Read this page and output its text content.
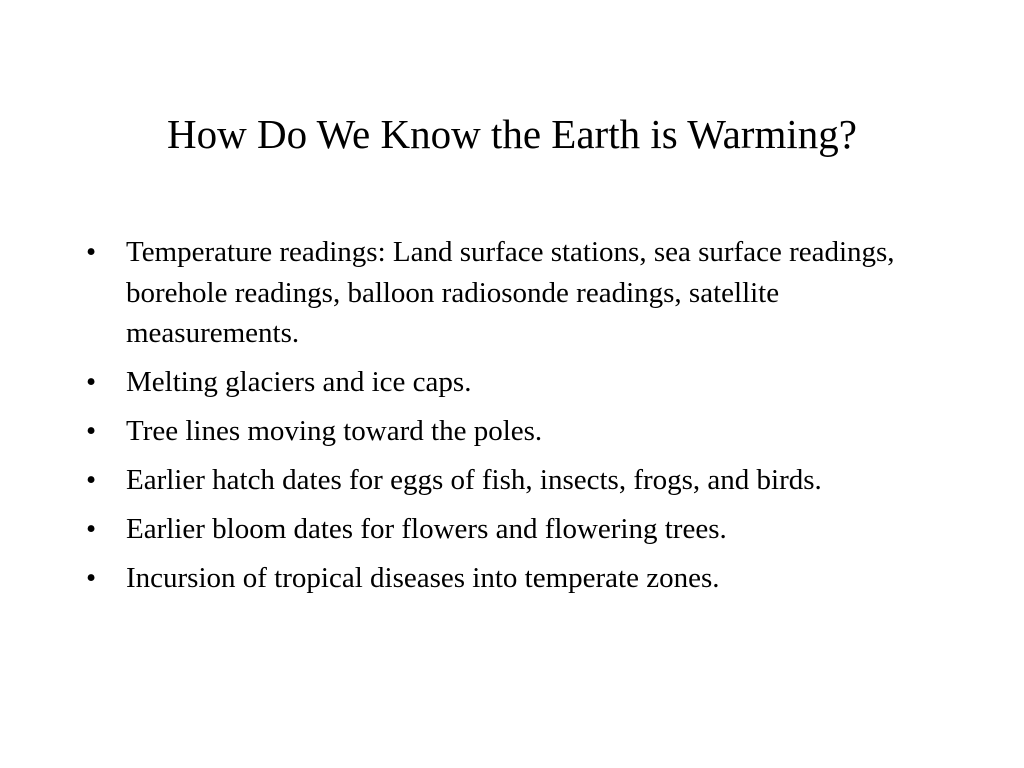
How Do We Know the Earth is Warming?
•	Temperature readings: Land surface stations, sea surface readings, borehole readings, balloon radiosonde readings, satellite measurements.
•	Melting glaciers and ice caps.
•	Tree lines moving toward the poles.
•	Earlier hatch dates for eggs of fish, insects, frogs, and birds.
•	Earlier bloom dates for flowers and flowering trees.
•	Incursion of tropical diseases into temperate zones.
